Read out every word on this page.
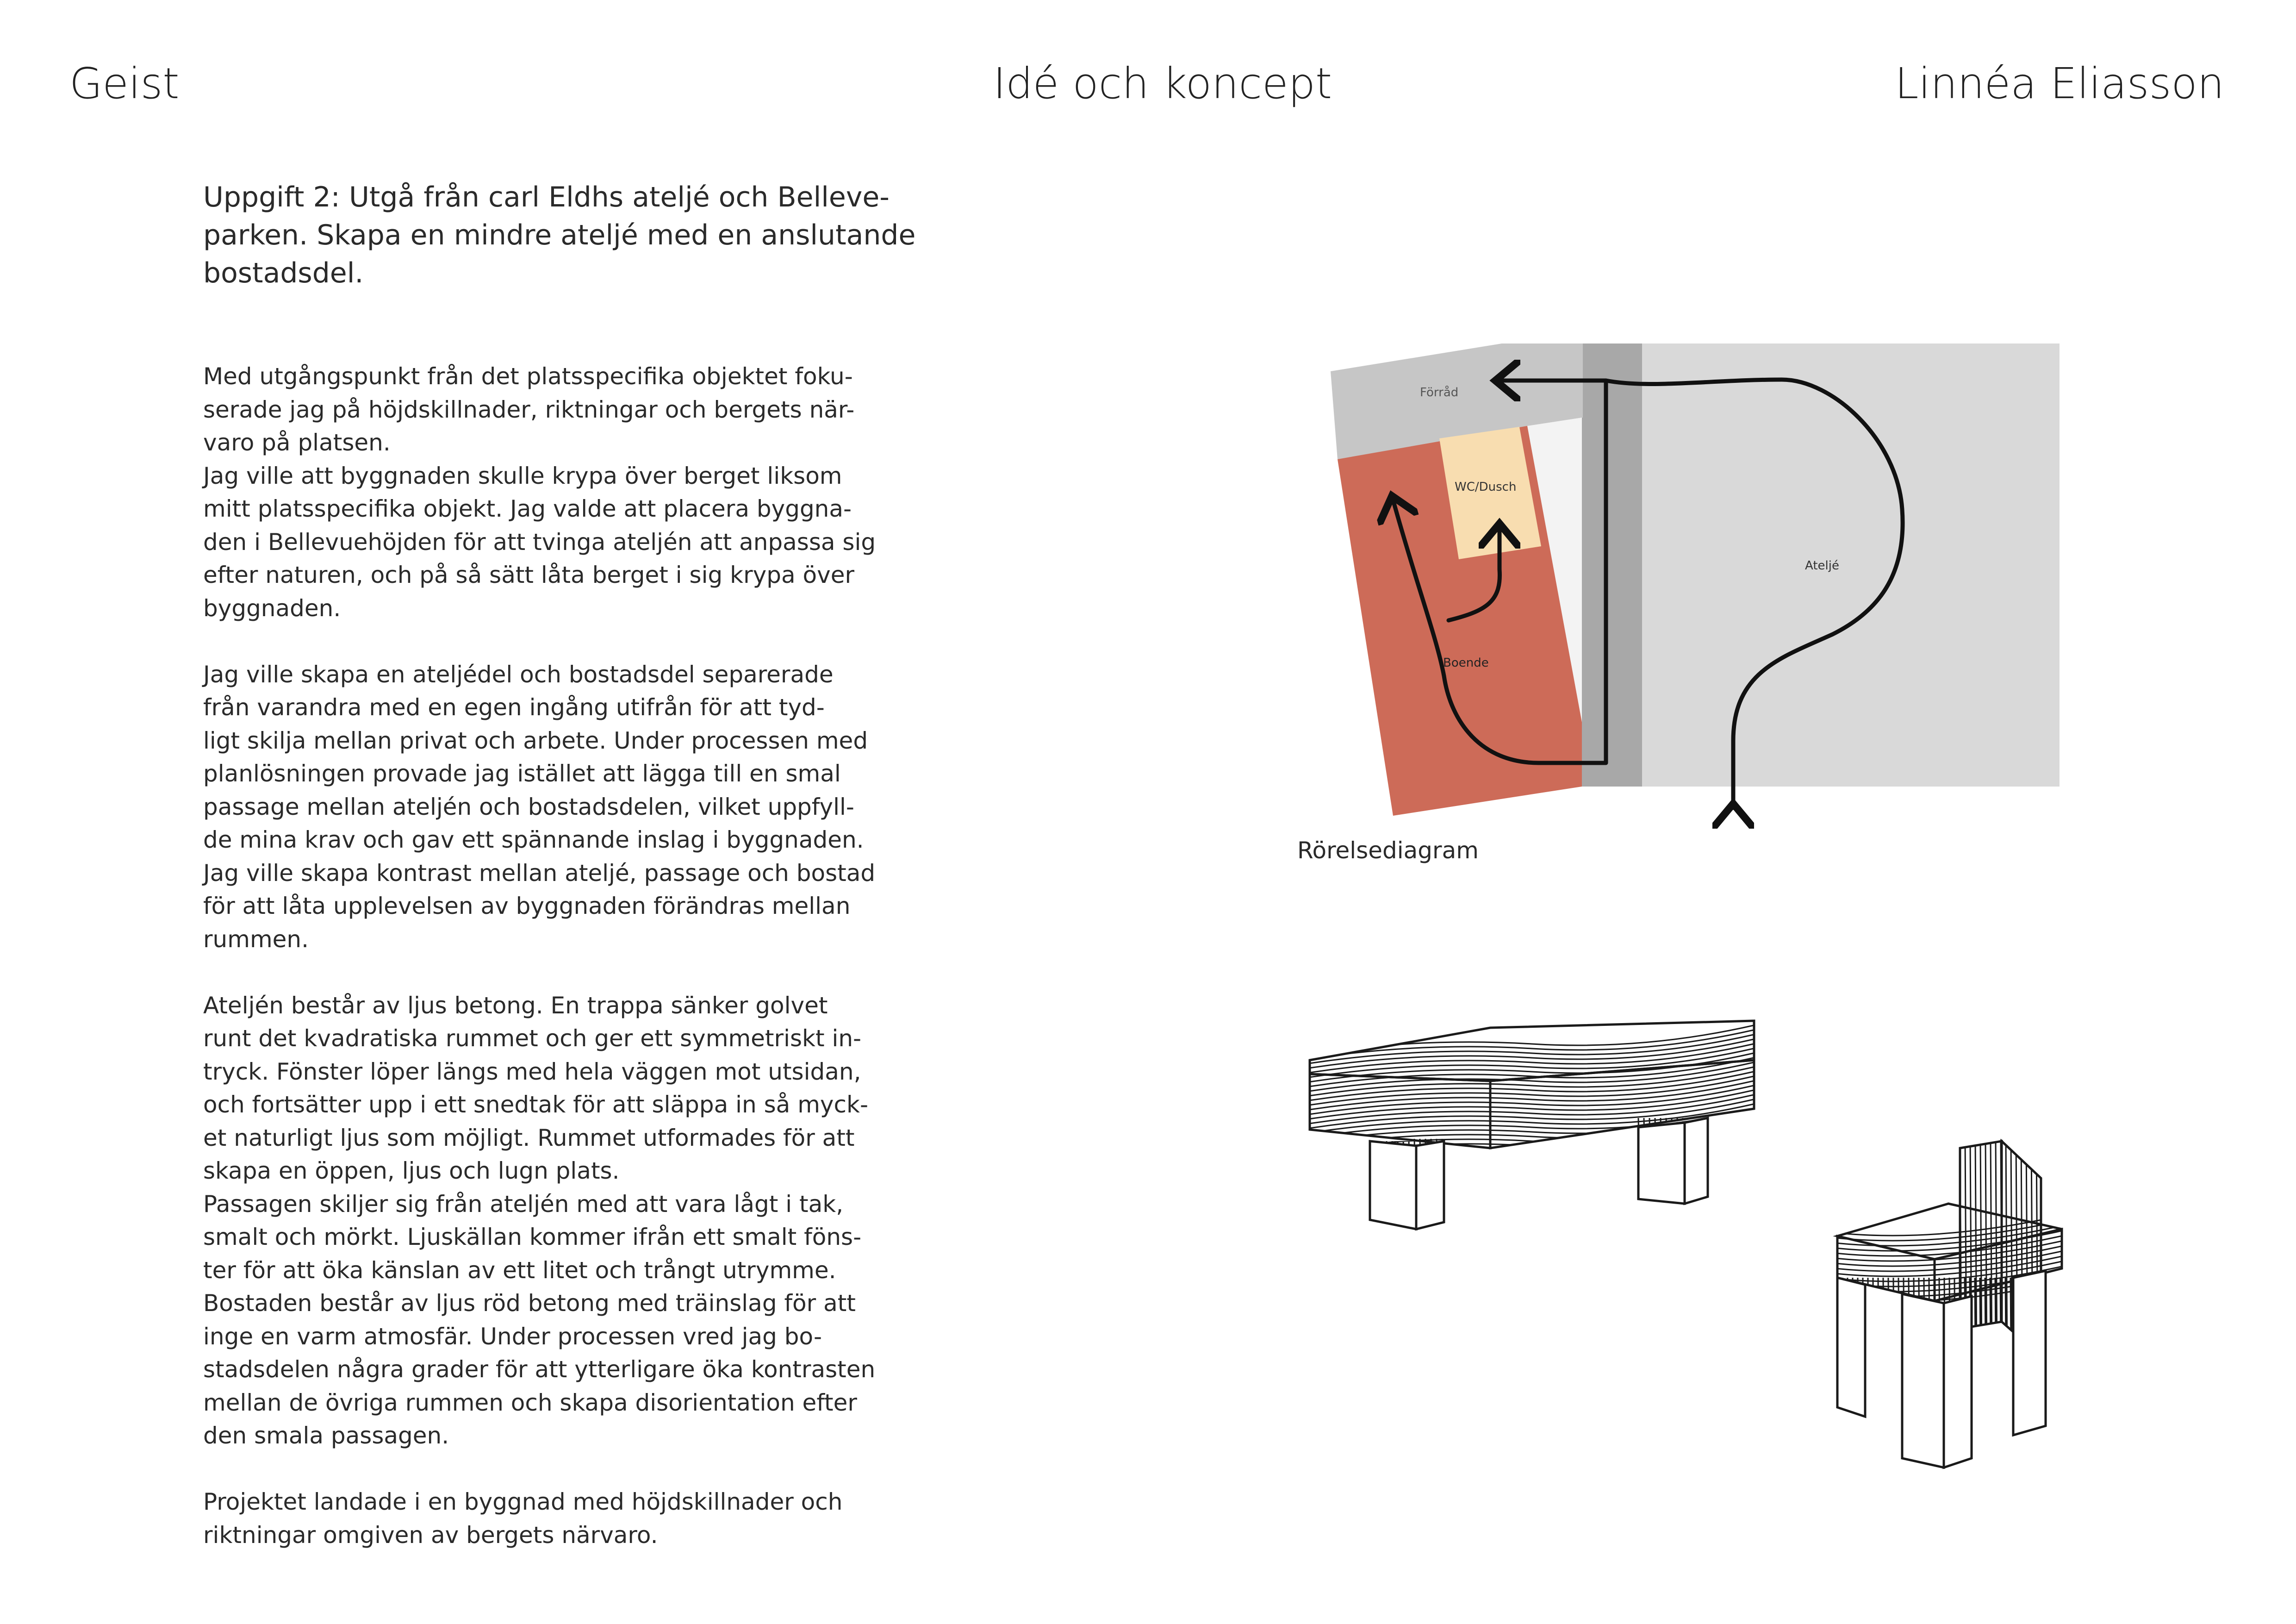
Geist	Idé och koncept	Linnéa Eliasson
Uppgift 2: Utgå från carl Eldhs ateljé och Belleve-
parken. Skapa en mindre ateljé med en anslutande
bostadsdel.
Med utgångspunkt från det platsspecifika objektet foku-
serade jag på höjdskillnader, riktningar och bergets när-
varo på platsen.
Jag ville att byggnaden skulle krypa över berget liksom
mitt platsspecifika objekt. Jag valde att placera byggna-
den i Bellevuehöjden för att tvinga ateljén att anpassa sig
efter naturen, och på så sätt låta berget i sig krypa över
byggnaden.
Jag ville skapa en ateljédel och bostadsdel separerade
från varandra med en egen ingång utifrån för att tyd-
ligt skilja mellan privat och arbete. Under processen med
planlösningen provade jag istället att lägga till en smal
passage mellan ateljén och bostadsdelen, vilket uppfyll-
de mina krav och gav ett spännande inslag i byggnaden.
Jag ville skapa kontrast mellan ateljé, passage och bostad
för att låta upplevelsen av byggnaden förändras mellan
rummen.
Ateljén består av ljus betong. En trappa sänker golvet
runt det kvadratiska rummet och ger ett symmetriskt in-
tryck. Fönster löper längs med hela väggen mot utsidan,
och fortsätter upp i ett snedtak för att släppa in så myck-
et naturligt ljus som möjligt. Rummet utformades för att
skapa en öppen, ljus och lugn plats.
Passagen skiljer sig från ateljén med att vara lågt i tak,
smalt och mörkt. Ljuskällan kommer ifrån ett smalt föns-
ter för att öka känslan av ett litet och trångt utrymme.
Bostaden består av ljus röd betong med träinslag för att
inge en varm atmosfär. Under processen vred jag bo-
stadsdelen några grader för att ytterligare öka kontrasten
mellan de övriga rummen och skapa disorientation efter
den smala passagen.
Projektet landade i en byggnad med höjdskillnader och
riktningar omgiven av bergets närvaro.
Förråd
WC/Dusch
Ateljé
Boende
Rörelsediagram
